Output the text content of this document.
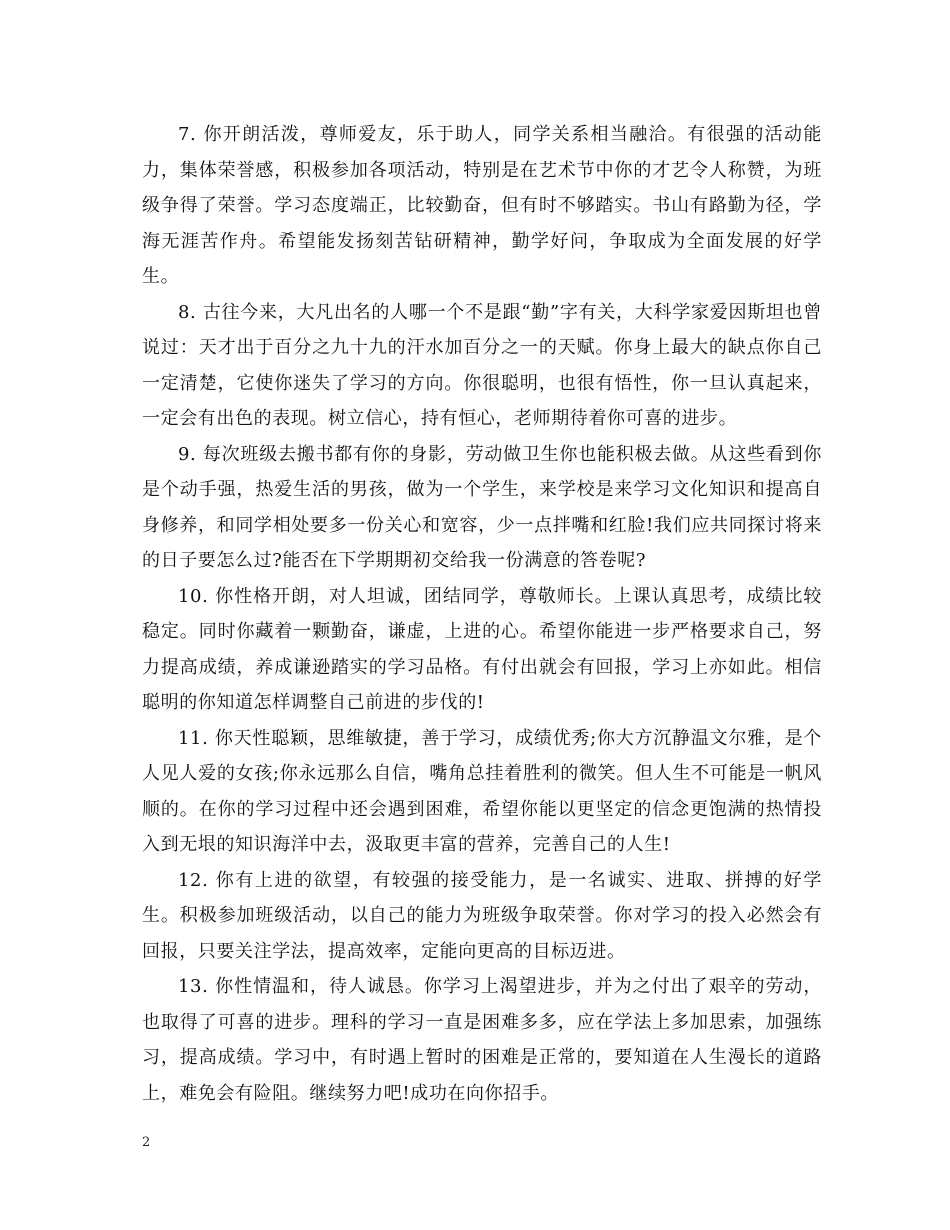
7. 你开朗活泼，尊师爱友，乐于助人，同学关系相当融洽。有很强的活动能力，集体荣誉感，积极参加各项活动，特别是在艺术节中你的才艺令人称赞，为班级争得了荣誉。学习态度端正，比较勤奋，但有时不够踏实。书山有路勤为径，学海无涯苦作舟。希望能发扬刻苦钻研精神，勤学好问，争取成为全面发展的好学生。

8. 古往今来，大凡出名的人哪一个不是跟“勤”字有关，大科学家爱因斯坦也曾说过：天才出于百分之九十九的汗水加百分之一的天赋。你身上最大的缺点你自己一定清楚，它使你迷失了学习的方向。你很聪明，也很有悟性，你一旦认真起来，一定会有出色的表现。树立信心，持有恒心，老师期待着你可喜的进步。

9. 每次班级去搬书都有你的身影，劳动做卫生你也能积极去做。从这些看到你是个动手强，热爱生活的男孩，做为一个学生，来学校是来学习文化知识和提高自身修养，和同学相处要多一份关心和宽容，少一点拌嘴和红脸!我们应共同探讨将来的日子要怎么过?能否在下学期期初交给我一份满意的答卷呢?

10. 你性格开朗，对人坦诚，团结同学，尊敬师长。上课认真思考，成绩比较稳定。同时你藏着一颗勤奋，谦虚，上进的心。希望你能进一步严格要求自己，努力提高成绩，养成谦逊踏实的学习品格。有付出就会有回报，学习上亦如此。相信聪明的你知道怎样调整自己前进的步伐的!

11. 你天性聪颖，思维敏捷，善于学习，成绩优秀;你大方沉静温文尔雅，是个人见人爱的女孩;你永远那么自信，嘴角总挂着胜利的微笑。但人生不可能是一帆风顺的。在你的学习过程中还会遇到困难，希望你能以更坚定的信念更饱满的热情投入到无垠的知识海洋中去，汲取更丰富的营养，完善自己的人生!

12. 你有上进的欲望，有较强的接受能力，是一名诚实、进取、拼搏的好学生。积极参加班级活动，以自己的能力为班级争取荣誉。你对学习的投入必然会有回报，只要关注学法，提高效率，定能向更高的目标迈进。

13. 你性情温和，待人诚恳。你学习上渴望进步，并为之付出了艰辛的劳动，也取得了可喜的进步。理科的学习一直是困难多多，应在学法上多加思索，加强练习，提高成绩。学习中，有时遇上暂时的困难是正常的，要知道在人生漫长的道路上，难免会有险阻。继续努力吧!成功在向你招手。

2
